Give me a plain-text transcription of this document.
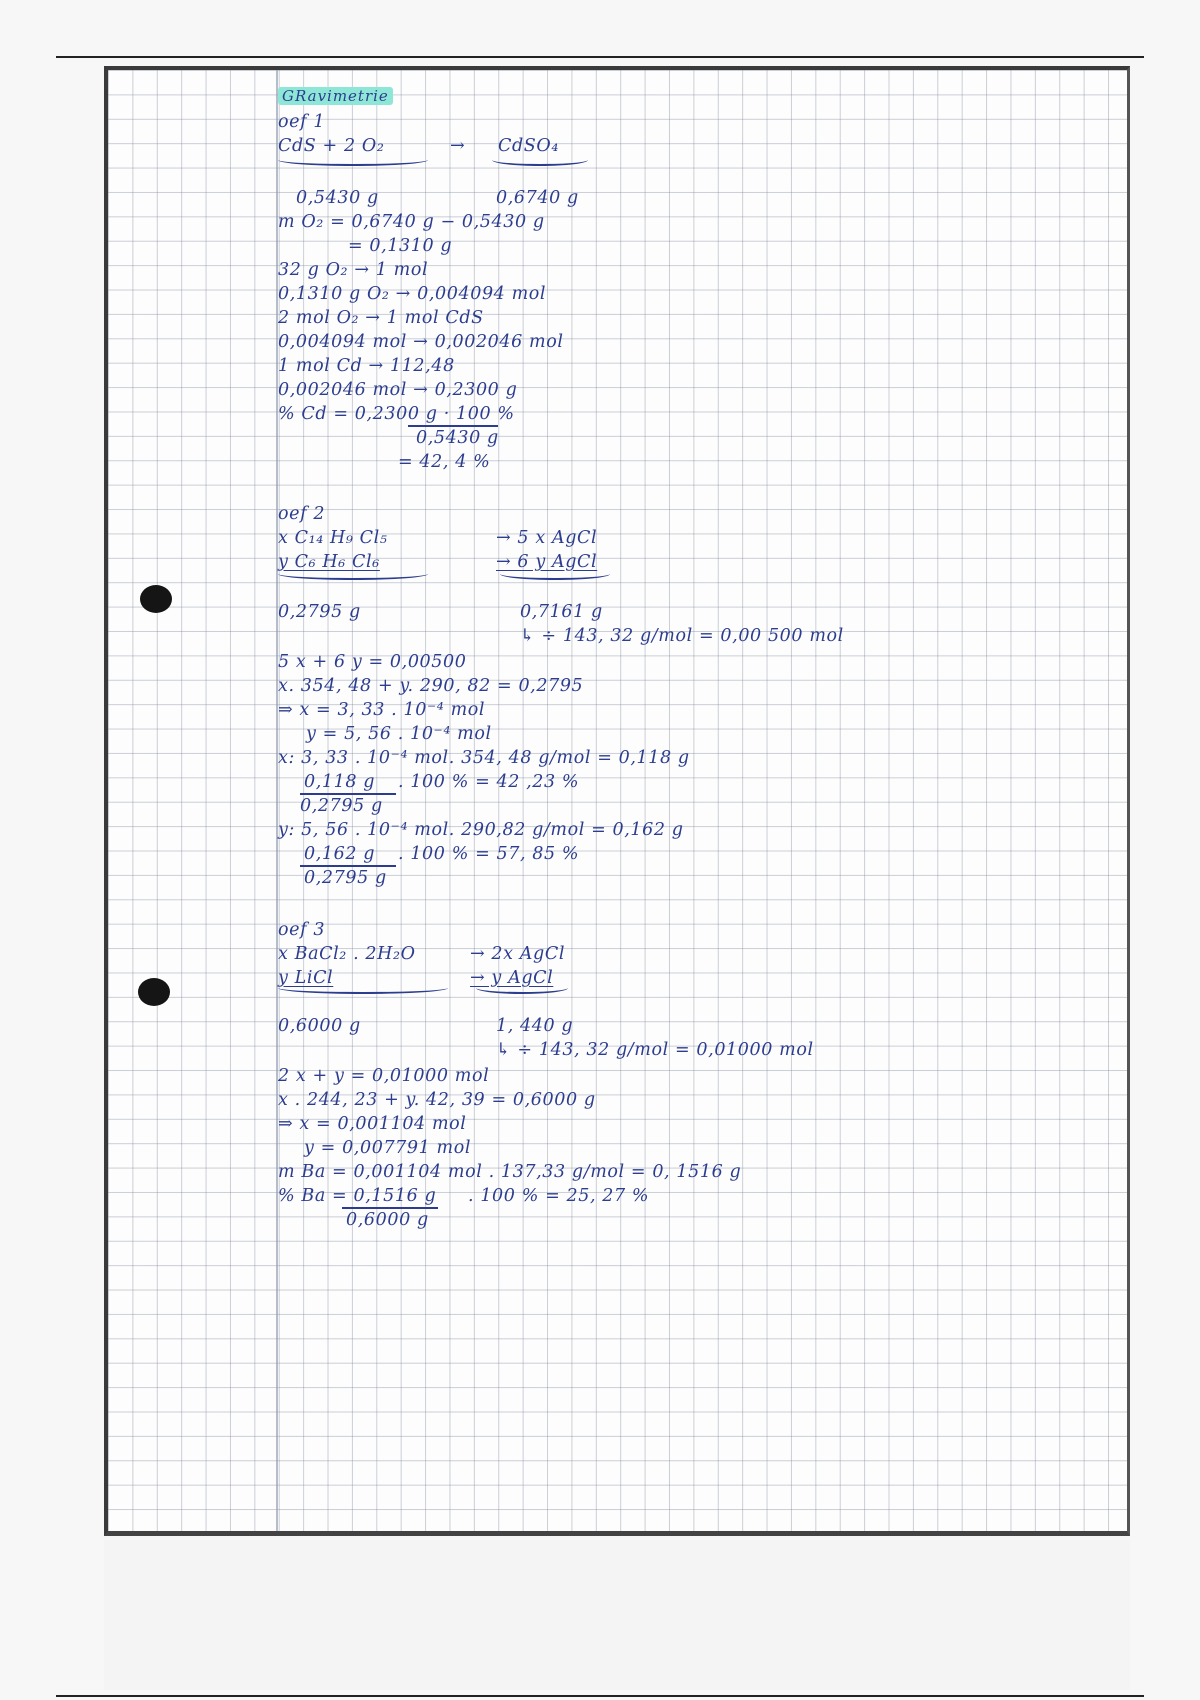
GRavimetrie
oef 1
CdS + 2 O₂	→ CdSO₄
0,5430 g	0,6740 g
m O₂ = 0,6740 g − 0,5430 g
= 0,1310 g
32 g O₂ → 1 mol
0,1310 g O₂ → 0,004094 mol
2 mol O₂ → 1 mol CdS
0,004094 mol → 0,002046 mol
1 mol Cd → 112,48
0,002046 mol → 0,2300 g
% Cd = 0,2300 g · 100 %
0,5430 g
= 42, 4 %
oef 2
x C₁₄ H₉ Cl₅	→ 5 x AgCl
y C₆ H₆ Cl₆	→ 6 y AgCl
0,2795 g	0,7161 g
↳ ÷ 143, 32 g/mol = 0,00 500 mol
5 x + 6 y = 0,00500
x. 354, 48 + y. 290, 82 = 0,2795
⇒ x = 3, 33 . 10⁻⁴ mol
y = 5, 56 . 10⁻⁴ mol
x: 3, 33 . 10⁻⁴ mol. 354, 48 g/mol = 0,118 g
0,118 g . 100 % = 42 ,23 %
0,2795 g
y: 5, 56 . 10⁻⁴ mol. 290,82 g/mol = 0,162 g
0,162 g . 100 % = 57, 85 %
0,2795 g
oef 3
x BaCl₂ . 2H₂O	→ 2x AgCl
y LiCl	→ y AgCl
0,6000 g	1, 440 g
↳ ÷ 143, 32 g/mol = 0,01000 mol
2 x + y = 0,01000 mol
x . 244, 23 + y. 42, 39 = 0,6000 g
⇒ x = 0,001104 mol
y = 0,007791 mol
m Ba = 0,001104 mol . 137,33 g/mol = 0, 1516 g
% Ba = 0,1516 g . 100 % = 25, 27 %
0,6000 g
